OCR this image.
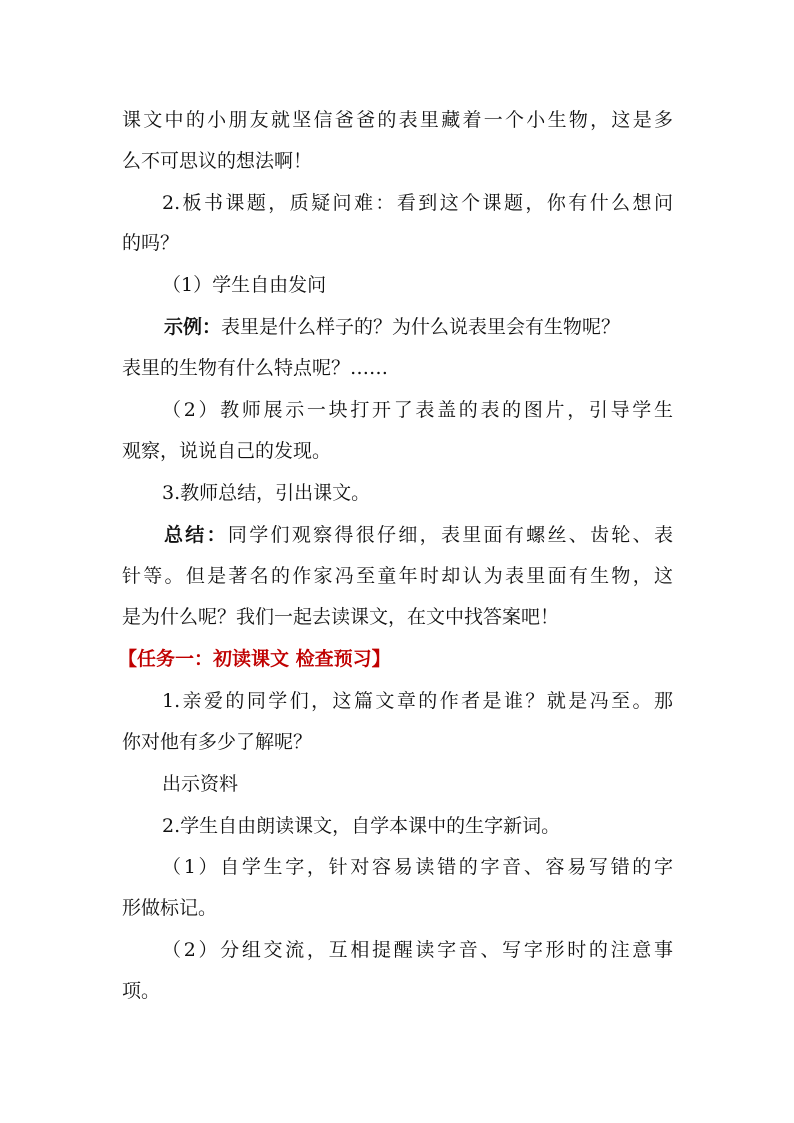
课文中的小朋友就坚信爸爸的表里藏着一个小生物，这是多
么不可思议的想法啊！
2.板书课题，质疑问难：看到这个课题，你有什么想问
的吗？
（1）学生自由发问
示例：表里是什么样子的？为什么说表里会有生物呢？
表里的生物有什么特点呢？……
（2）教师展示一块打开了表盖的表的图片，引导学生
观察，说说自己的发现。
3.教师总结，引出课文。
总结：同学们观察得很仔细，表里面有螺丝、齿轮、表
针等。但是著名的作家冯至童年时却认为表里面有生物，这
是为什么呢？我们一起去读课文，在文中找答案吧！
【任务一：初读课文 检查预习】
1.亲爱的同学们，这篇文章的作者是谁？就是冯至。那
你对他有多少了解呢？
出示资料
2.学生自由朗读课文，自学本课中的生字新词。
（1）自学生字，针对容易读错的字音、容易写错的字
形做标记。
（2）分组交流，互相提醒读字音、写字形时的注意事
项。
